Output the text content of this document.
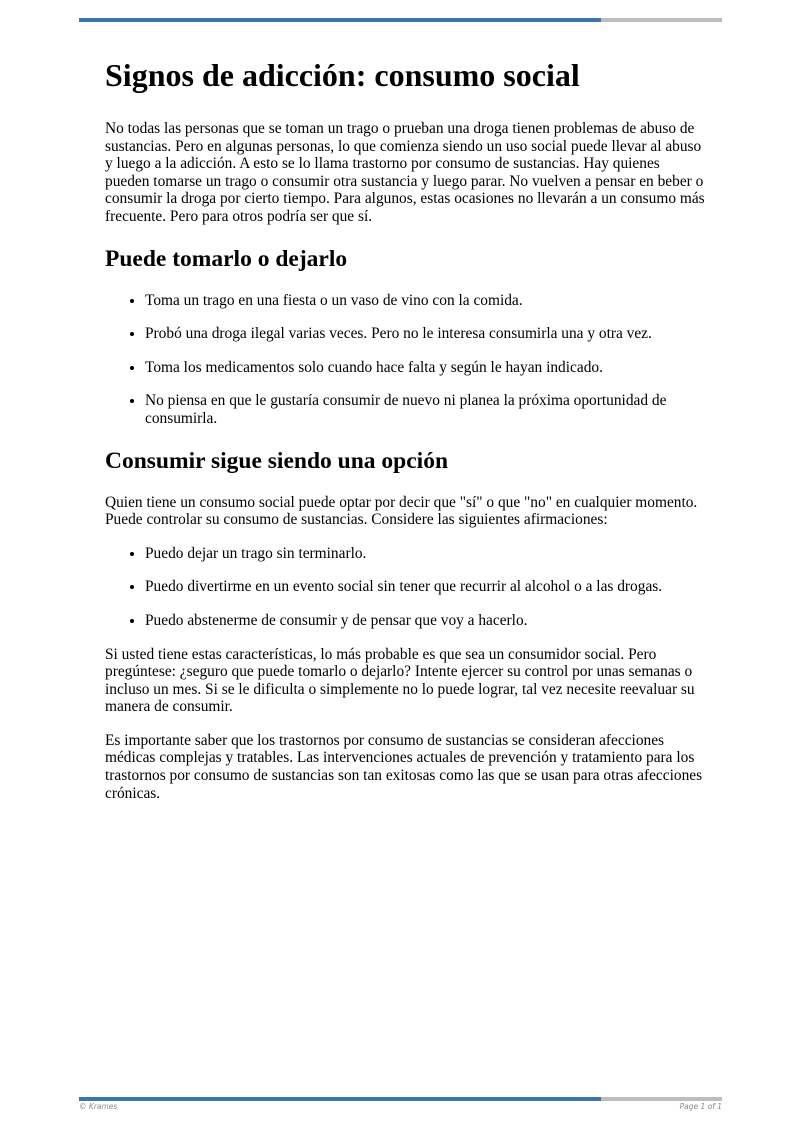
Signos de adicción: consumo social

No todas las personas que se toman un trago o prueban una droga tienen problemas de abuso de sustancias. Pero en algunas personas, lo que comienza siendo un uso social puede llevar al abuso y luego a la adicción. A esto se lo llama trastorno por consumo de sustancias. Hay quienes pueden tomarse un trago o consumir otra sustancia y luego parar. No vuelven a pensar en beber o consumir la droga por cierto tiempo. Para algunos, estas ocasiones no llevarán a un consumo más frecuente. Pero para otros podría ser que sí.

Puede tomarlo o dejarlo
• Toma un trago en una fiesta o un vaso de vino con la comida.
• Probó una droga ilegal varias veces. Pero no le interesa consumirla una y otra vez.
• Toma los medicamentos solo cuando hace falta y según le hayan indicado.
• No piensa en que le gustaría consumir de nuevo ni planea la próxima oportunidad de consumirla.
Consumir sigue siendo una opción

Quien tiene un consumo social puede optar por decir que "sí" o que "no" en cualquier momento. Puede controlar su consumo de sustancias. Considere las siguientes afirmaciones:

• Puedo dejar un trago sin terminarlo.
• Puedo divertirme en un evento social sin tener que recurrir al alcohol o a las drogas.
• Puedo abstenerme de consumir y de pensar que voy a hacerlo.

Si usted tiene estas características, lo más probable es que sea un consumidor social. Pero pregúntese: ¿seguro que puede tomarlo o dejarlo? Intente ejercer su control por unas semanas o incluso un mes. Si se le dificulta o simplemente no lo puede lograr, tal vez necesite reevaluar su manera de consumir.

Es importante saber que los trastornos por consumo de sustancias se consideran afecciones médicas complejas y tratables. Las intervenciones actuales de prevención y tratamiento para los trastornos por consumo de sustancias son tan exitosas como las que se usan para otras afecciones crónicas.

© Krames	Page 1 of 1
